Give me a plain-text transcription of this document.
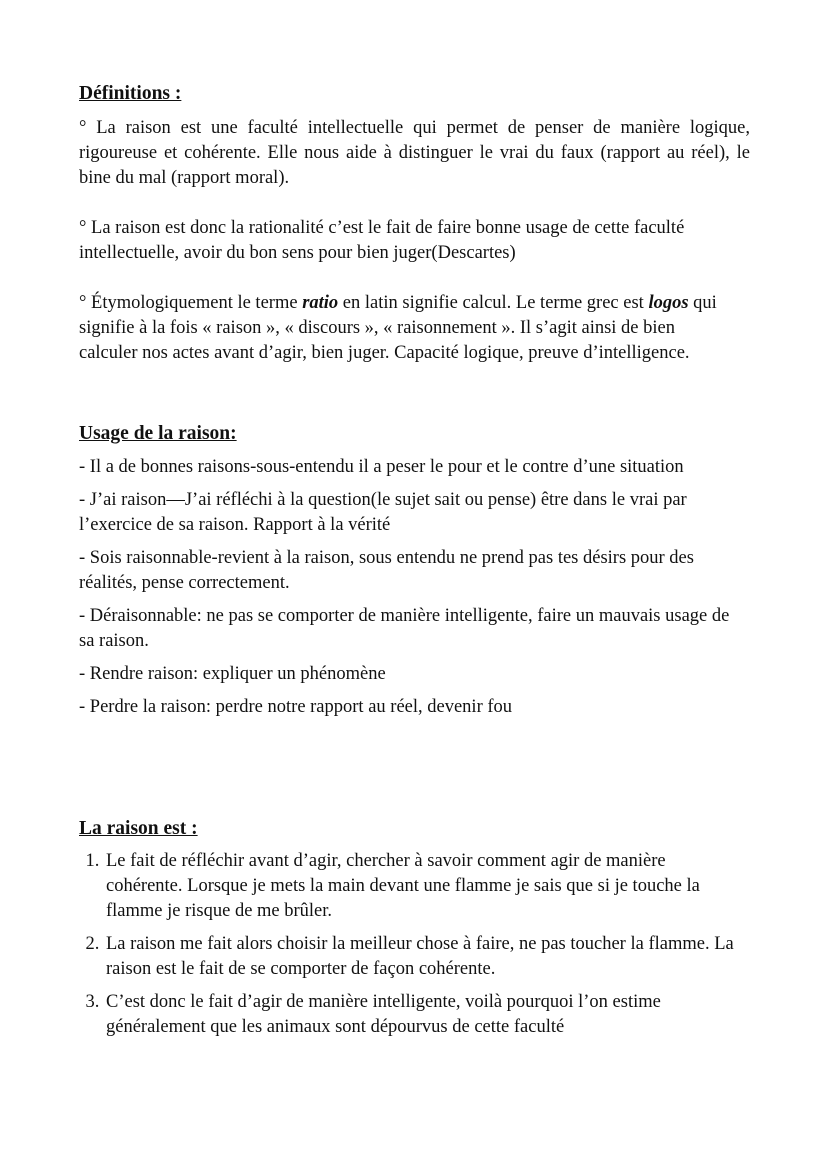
Définitions :

° La raison est une faculté intellectuelle qui permet de penser de manière logique, rigoureuse et cohérente. Elle nous aide à distinguer le vrai du faux (rapport au réel), le bine du mal (rapport moral).

° La raison est donc la rationalité c’est le fait de faire bonne usage de cette faculté intellectuelle, avoir du bon sens pour bien juger(Descartes)

° Étymologiquement le terme ratio en latin signifie calcul. Le terme grec est logos qui signifie à la fois « raison », « discours », « raisonnement ». Il s’agit ainsi de bien calculer nos actes avant d’agir, bien juger. Capacité logique, preuve d’intelligence.

Usage de la raison:

- Il a de bonnes raisons-sous-entendu il a peser le pour et le contre d’une situation

- J’ai raison—J’ai réfléchi à la question(le sujet sait ou pense) être dans le vrai par l’exercice de sa raison. Rapport à la vérité

- Sois raisonnable-revient à la raison, sous entendu ne prend pas tes désirs pour des réalités, pense correctement.

- Déraisonnable: ne pas se comporter de manière intelligente, faire un mauvais usage de sa raison.

- Rendre raison: expliquer un phénomène

- Perdre la raison: perdre notre rapport au réel, devenir fou

La raison est :
1. Le fait de réfléchir avant d’agir, chercher à savoir comment agir de manière cohérente. Lorsque je mets la main devant une flamme je sais que si je touche la flamme je risque de me brûler.
2. La raison me fait alors choisir la meilleur chose à faire, ne pas toucher la flamme. La raison est le fait de se comporter de façon cohérente.
3. C’est donc le fait d’agir de manière intelligente, voilà pourquoi l’on estime généralement que les animaux sont dépourvus de cette faculté
